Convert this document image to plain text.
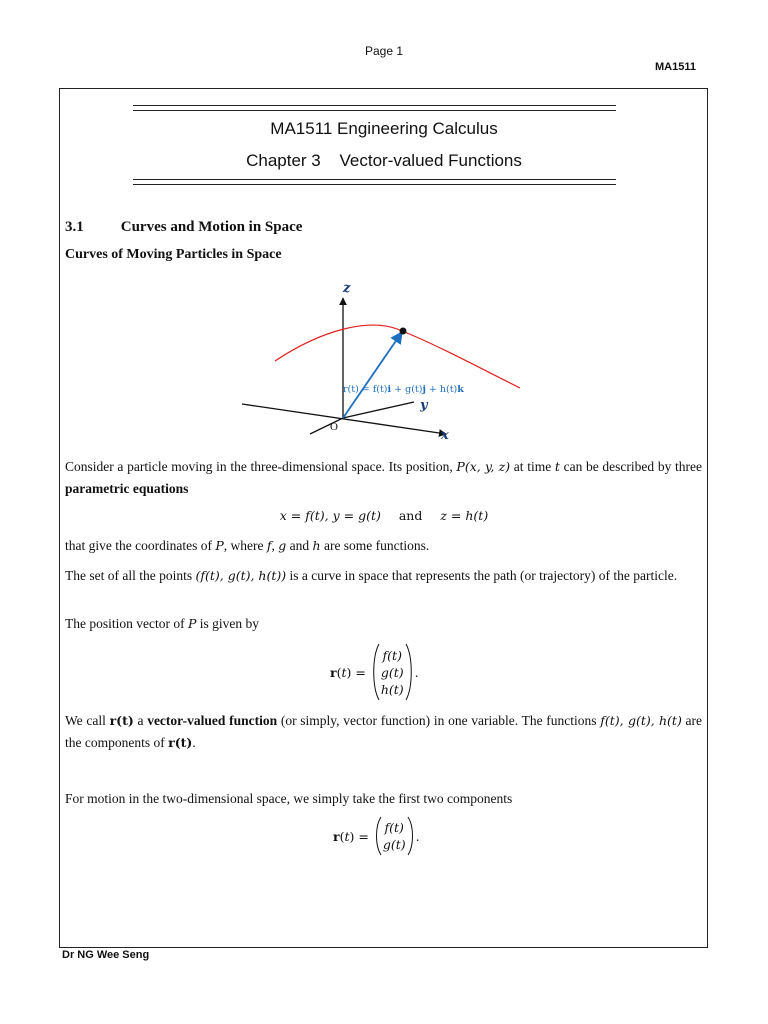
Page 1
MA1511
MA1511 Engineering Calculus
Chapter 3 Vector-valued Functions
3.1 Curves and Motion in Space
Curves of Moving Particles in Space
z
y
x
O
r(t) = f(t)i + g(t)j + h(t)k
Consider a particle moving in the three-dimensional space. Its position, P(x, y, z) at time t can be described by three parametric equations
x = f(t), y = g(t) and z = h(t)
that give the coordinates of P, where f, g and h are some functions.
The set of all the points (f(t), g(t), h(t)) is a curve in space that represents the path (or trajectory) of the particle.
The position vector of P is given by
r(t) =
f(t)
g(t)
h(t)
.
We call r(t) a vector-valued function (or simply, vector function) in one variable. The functions f(t), g(t), h(t) are the components of r(t).
For motion in the two-dimensional space, we simply take the first two components
r(t) =
f(t)
g(t)
.
Dr NG Wee Seng
